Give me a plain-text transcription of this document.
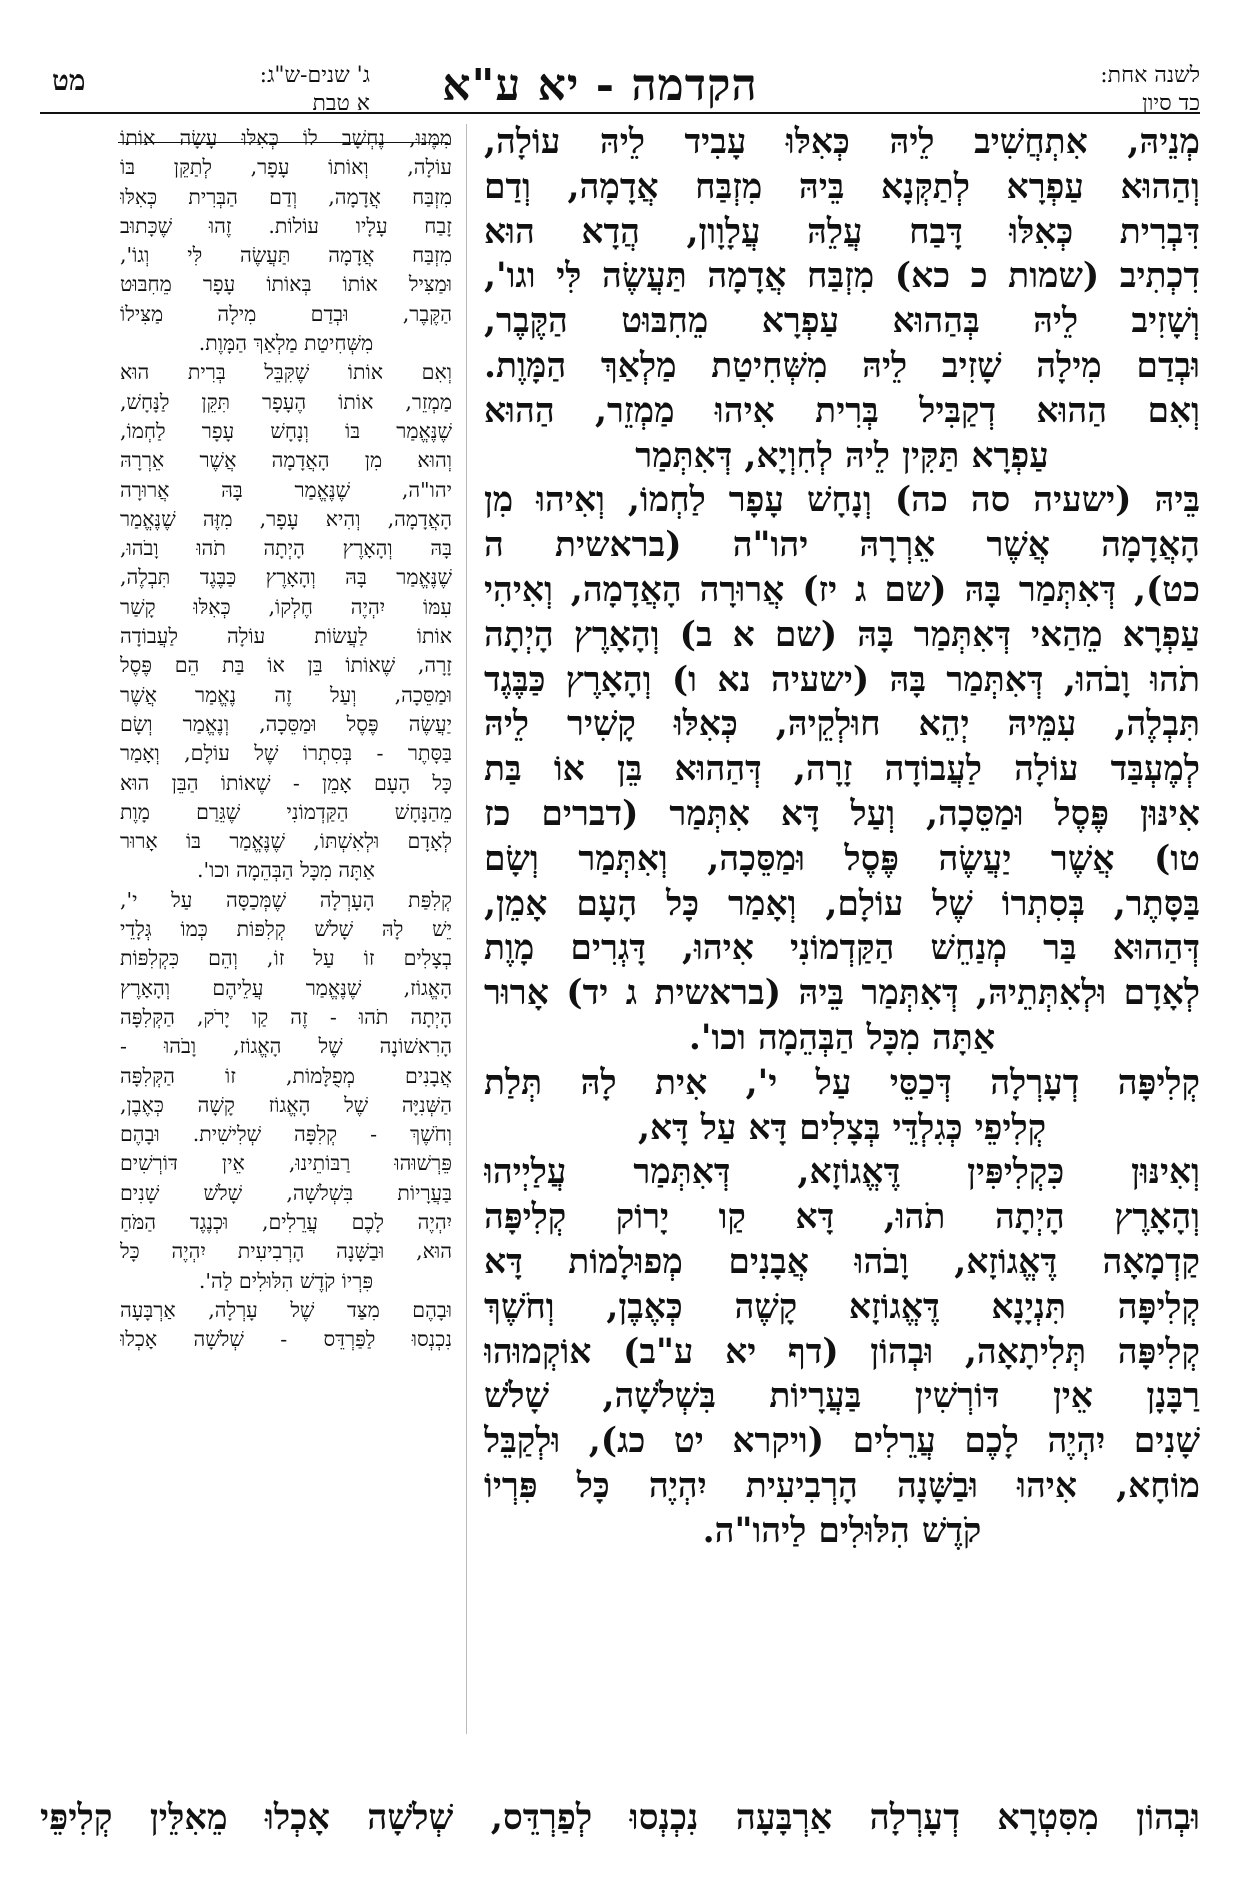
לשנה אחת:
כד סיון
הקדמה - יא ע"א
ג' שנים-ש"ג:
א טבת
מט
מְנֵיהּ, אִתְחֲשִׁיב לֵיהּ כְּאִלּוּ עָבִיד לֵיהּ עוֹלָה,
וְהַהוּא עַפְרָא לְתַקְּנָא בֵּיהּ מִזְבַּח אֲדָמָה, וְדַם
דִּבְרִית כְּאִלּוּ דָּבַח עֲלֵהּ עֲלָוָון, הֲדָא הוּא
דִכְתִיב (שמות כ כא) מִזְבַּח אֲדָמָה תַּעֲשֶׂה לִּי וגו',
וְשָׁזִיב לֵיהּ בְּהַהוּא עַפְרָא מֵחִבּוּט הַקֶּבֶר,
וּבְדַם מִילָה שָׁזִיב לֵיהּ מִשְּׁחִיטַת מַלְאַךְ הַמָּוֶת.
וְאִם הַהוּא דְקַבִּיל בְּרִית אִיהוּ מַמְזֵר, הַהוּא
עַפְרָא תַּקִּין לֵיהּ לְחִוְיָא, דְּאִתְּמַר
בֵּיהּ (ישעיה סה כה) וְנָחָשׁ עָפָר לַחְמוֹ, וְאִיהוּ מִן
הָאֲדָמָה אֲשֶׁר אֵרְרָהּ יהו"ה (בראשית ה
כט), דְּאִתְּמַר בָּהּ (שם ג יז) אֲרוּרָה הָאֲדָמָה, וְאִיהִי
עַפְרָא מֵהַאי דְּאִתְּמַר בָּהּ (שם א ב) וְהָאָרֶץ הָיְתָה
תֹהוּ וָבֹהוּ, דְּאִתְּמַר בָּהּ (ישעיה נא ו) וְהָאָרֶץ כַּבֶּגֶד
תִּבְלֶה, עִמֵּיהּ יְהֵא חוּלְקֵיהּ, כְּאִלּוּ קָשִׁיר לֵיהּ
לְמֶעְבַּד עוֹלָה לַעֲבוֹדָה זָרָה, דְּהַהוּא בֵּן אוֹ בַּת
אִינּוּן פֶּסֶל וּמַסֵּכָה, וְעַל דָּא אִתְּמַר (דברים כז
טו) אֲשֶׁר יַעֲשֶׂה פֶּסֶל וּמַסֵּכָה, וְאִתְּמַר וְשָׂם
בַּסָּתֶר, בְּסִתְרוֹ שֶׁל עוֹלָם, וְאָמַר כָּל הָעָם אָמֵן,
דְּהַהוּא בַּר מְנַחֵשׁ הַקַּדְמוֹנִי אִיהוּ, דָּגְרִים מָוֶת
לְאָדָם וּלְאִתְּתֵיהּ, דְּאִתְּמַר בֵּיהּ (בראשית ג יד) אָרוּר
אַתָּה מִכָּל הַבְּהֵמָה וכו'.
קְלִיפָּה דְעָרְלָה דְּכַסֵּי עַל י', אִית לָהּ תְּלַת
קְלִיפֵי כְּגִלְדֵּי בְּצָלִים דָּא עַל דָּא,
וְאִינּוּן כִּקְלִיפִּין דֶּאֱגוֹזָא, דְּאִתְּמַר עֲלַיְיהוּ
וְהָאָרֶץ הָיְתָה תֹהוּ, דָּא קַו יָרוֹק קְלִיפָּה
קַדְמָאָה דֶּאֱגוֹזָא, וָבֹהוּ אֲבָנִים מְפוּלָמוֹת דָּא
קְלִיפָּה תִּנְיָנָא דֶּאֱגוֹזָא קָשֶׁה כְּאֶבֶן, וְחֹשֶׁךְ
קְלִיפָּה תְּלִיתָאָה, וּבְהוֹן (דף יא ע"ב) אוֹקְמוּהוּ
רַבָּנָן אֵין דּוֹרְשִׁין בַּעֲרָיוֹת בִּשְׁלֹשָׁה, שָׁלֹשׁ
שָׁנִים יִהְיֶה לָכֶם עֲרֵלִים (ויקרא יט כג), וּלְקַבֵּל
מוֹחָא, אִיהוּ וּבַשָּׁנָה הָרְבִיעִית יִהְיֶה כָּל פִּרְיוֹ
קֹדֶשׁ הִלּוּלִים לַיהו"ה.
מִמֶּנּוּ, נֶחְשָׁב לוֹ כְּאִלּוּ עָשָׂה אוֹתוֹ
עוֹלָה, וְאוֹתוֹ עָפָר, לְתַקֵּן בּוֹ
מִזְבַּח אֲדָמָה, וְדַם הַבְּרִית כְּאִלּוּ
זָבַח עָלָיו עוֹלוֹת. זֶהוּ שֶׁכָּתוּב
מִזְבַּח אֲדָמָה תַּעֲשֶׂה לִּי וְגוֹ',
וּמַצִּיל אוֹתוֹ בְּאוֹתוֹ עָפָר מֵחִבּוּט
הַקֶּבֶר, וּבְדַם מִילָה מַצִּילוֹ
מִשְּׁחִיטַת מַלְאַךְ הַמָּוֶת.
וְאִם אוֹתוֹ שֶׁקִּבֵּל בְּרִית הוּא
מַמְזֵר, אוֹתוֹ הֶעָפָר תִּקֵּן לַנָּחָשׁ,
שֶׁנֶּאֱמַר בּוֹ וְנָחָשׁ עָפָר לַחְמוֹ,
וְהוּא מִן הָאֲדָמָה אֲשֶׁר אֵרְרָהּ
יהו"ה, שֶׁנֶּאֱמַר בָּהּ אֲרוּרָה
הָאֲדָמָה, וְהִיא עָפָר, מִזֶּה שֶׁנֶּאֱמַר
בָּהּ וְהָאָרֶץ הָיְתָה תֹהוּ וָבֹהוּ,
שֶׁנֶּאֱמַר בָּהּ וְהָאָרֶץ כַּבֶּגֶד תִּבְלֶה,
עִמּוֹ יִהְיֶה חֶלְקוֹ, כְּאִלּוּ קָשַׁר
אוֹתוֹ לַעֲשׂוֹת עוֹלָה לַעֲבוֹדָה
זָרָה, שֶׁאוֹתוֹ בֵּן אוֹ בַּת הֵם פֶּסֶל
וּמַסֵּכָה, וְעַל זֶה נֶאֱמַר אֲשֶׁר
יַעֲשֶׂה פֶּסֶל וּמַסֵּכָה, וְנֶאֱמַר וְשָׂם
בַּסָּתֶר - בְּסִתְרוֹ שֶׁל עוֹלָם, וְאָמַר
כָּל הָעָם אָמֵן - שֶׁאוֹתוֹ הַבֵּן הוּא
מֵהַנָּחָשׁ הַקַּדְמוֹנִי שֶׁגֵּרַם מָוֶת
לְאָדָם וּלְאִשְׁתּוֹ, שֶׁנֶּאֱמַר בּוֹ אָרוּר
אַתָּה מִכָּל הַבְּהֵמָה וכו'.
קְלִפַּת הָעָרְלָה שֶׁמְּכַסָּה עַל י',
יֵשׁ לָהּ שָׁלֹשׁ קְלִפּוֹת כְּמוֹ גְּלָדֵי
בְצָלִים זוֹ עַל זוֹ, וְהֵם כִּקְלִפּוֹת
הָאֱגוֹז, שֶׁנֶּאֱמַר עֲלֵיהֶם וְהָאָרֶץ
הָיְתָה תֹהוּ - זֶה קַו יָרֹק, הַקְּלִפָּה
הָרִאשׁוֹנָה שֶׁל הָאֱגוֹז, וָבֹהוּ -
אֲבָנִים מְפֻלָּמוֹת, זוֹ הַקְּלִפָּה
הַשְּׁנִיָּה שֶׁל הָאֱגוֹז קָשָׁה כְּאֶבֶן,
וְחֹשֶׁךְ - קְלִפָּה שְׁלִישִׁית. וּבָהֶם
פֵּרְשׁוּהוּ רַבּוֹתֵינוּ, אֵין דּוֹרְשִׁים
בַּעֲרָיוֹת בִּשְׁלֹשָׁה, שָׁלֹשׁ שָׁנִים
יִהְיֶה לָכֶם עֲרֵלִים, וּכְנֶגֶד הַמֹּחַ
הוּא, וּבַשָּׁנָה הָרְבִיעִית יִהְיֶה כָּל
פִּרְיוֹ קֹדֶשׁ הִלּוּלִים לַה'.
וּבָהֶם מִצַּד שֶׁל עָרְלָה, אַרְבָּעָה
נִכְנְסוּ לַפַּרְדֵּס - שְׁלֹשָׁה אָכְלוּ
וּבְהוֹן מִסִּטְרָא דְעָרְלָה אַרְבָּעָה נִכְנְסוּ לְפַרְדֵּס, שְׁלֹשָׁה אָכְלוּ מֵאִלֵּין קְלִיפֵּי
